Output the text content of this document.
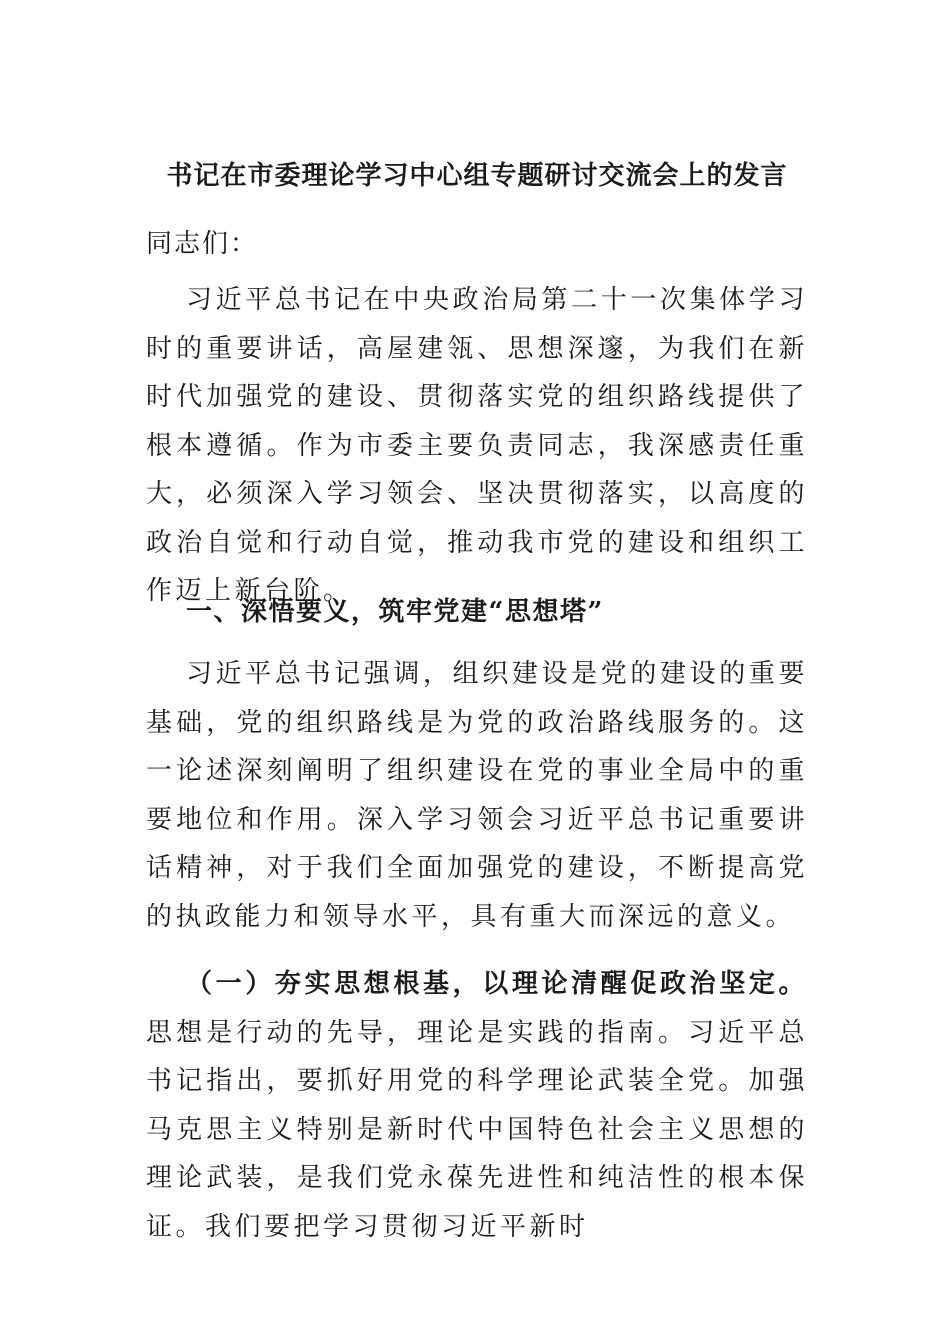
书记在市委理论学习中心组专题研讨交流会上的发言
同志们：
习近平总书记在中央政治局第二十一次集体学习时的重要讲话，高屋建瓴、思想深邃，为我们在新时代加强党的建设、贯彻落实党的组织路线提供了根本遵循。作为市委主要负责同志，我深感责任重大，必须深入学习领会、坚决贯彻落实，以高度的政治自觉和行动自觉，推动我市党的建设和组织工作迈上新台阶。
一、深悟要义，筑牢党建“思想塔”
习近平总书记强调，组织建设是党的建设的重要基础，党的组织路线是为党的政治路线服务的。这一论述深刻阐明了组织建设在党的事业全局中的重要地位和作用。深入学习领会习近平总书记重要讲话精神，对于我们全面加强党的建设，不断提高党的执政能力和领导水平，具有重大而深远的意义。
（一）夯实思想根基，以理论清醒促政治坚定。思想是行动的先导，理论是实践的指南。习近平总书记指出，要抓好用党的科学理论武装全党。加强马克思主义特别是新时代中国特色社会主义思想的理论武装，是我们党永葆先进性和纯洁性的根本保证。我们要把学习贯彻习近平新时
